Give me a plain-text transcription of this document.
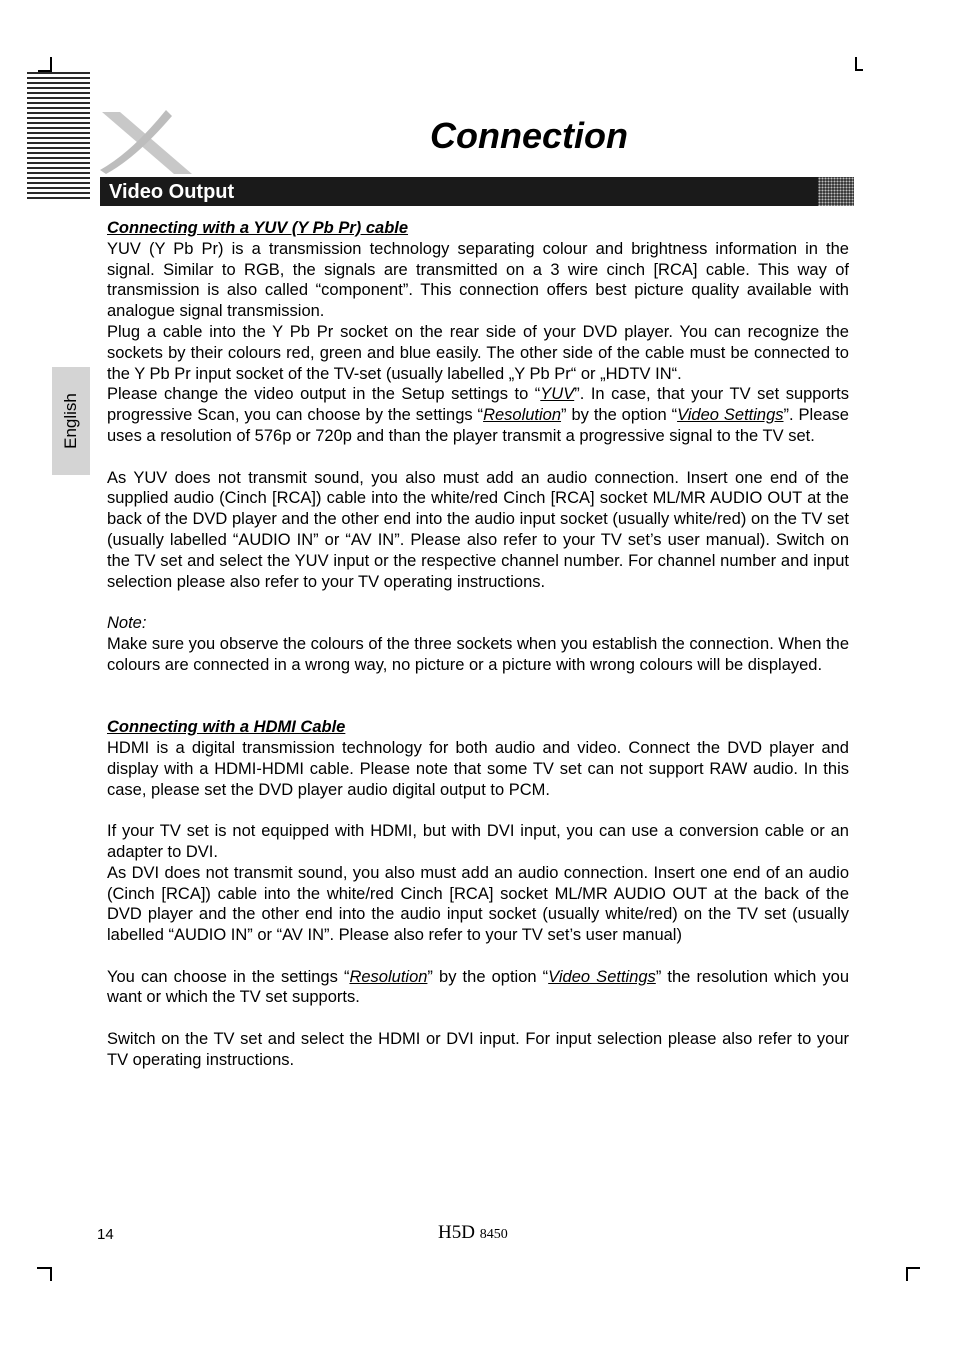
Connection
Video Output
English

Connecting with a YUV (Y Pb Pr) cable

YUV (Y Pb Pr) is a transmission technology separating colour and brightness information in the signal. Similar to RGB, the signals are transmitted on a 3 wire cinch [RCA] cable. This way of transmission is also called “component”. This connection offers best picture quality available with analogue signal transmission.

Plug a cable into the Y Pb Pr socket on the rear side of your DVD player. You can recognize the sockets by their colours red, green and blue easily. The other side of the cable must be connected to the Y Pb Pr input socket of the TV-set (usually labelled „Y Pb Pr“ or „HDTV IN“.

Please change the video output in the Setup settings to “YUV”. In case, that your TV set supports progressive Scan, you can choose by the settings “Resolution” by the option “Video Settings”. Please uses a resolution of 576p or 720p and than the player transmit a progressive signal to the TV set.

As YUV does not transmit sound, you also must add an audio connection. Insert one end of the supplied audio (Cinch [RCA]) cable into the white/red Cinch [RCA] socket ML/MR AUDIO OUT at the back of the DVD player and the other end into the audio input socket (usually white/red) on the TV set (usually labelled “AUDIO IN” or “AV IN”. Please also refer to your TV set’s user manual). Switch on the TV set and select the YUV input or the respective channel number. For channel number and input selection please also refer to your TV operating instructions.

Note:

Make sure you observe the colours of the three sockets when you establish the connection. When the colours are connected in a wrong way, no picture or a picture with wrong colours will be displayed.

Connecting with a HDMI Cable

HDMI is a digital transmission technology for both audio and video. Connect the DVD player and display with a HDMI-HDMI cable. Please note that some TV set can not support RAW audio. In this case, please set the DVD player audio digital output to PCM.

If your TV set is not equipped with HDMI, but with DVI input, you can use a conversion cable or an adapter to DVI.

As DVI does not transmit sound, you also must add an audio connection. Insert one end of an audio (Cinch [RCA]) cable into the white/red Cinch [RCA] socket ML/MR AUDIO OUT at the back of the DVD player and the other end into the audio input socket (usually white/red) on the TV set (usually labelled “AUDIO IN” or “AV IN”. Please also refer to your TV set’s user manual)

You can choose in the settings “Resolution” by the option “Video Settings” the resolution which you want or which the TV set supports.

Switch on the TV set and select the HDMI or DVI input. For input selection please also refer to your TV operating instructions.

14	H5D 8450
